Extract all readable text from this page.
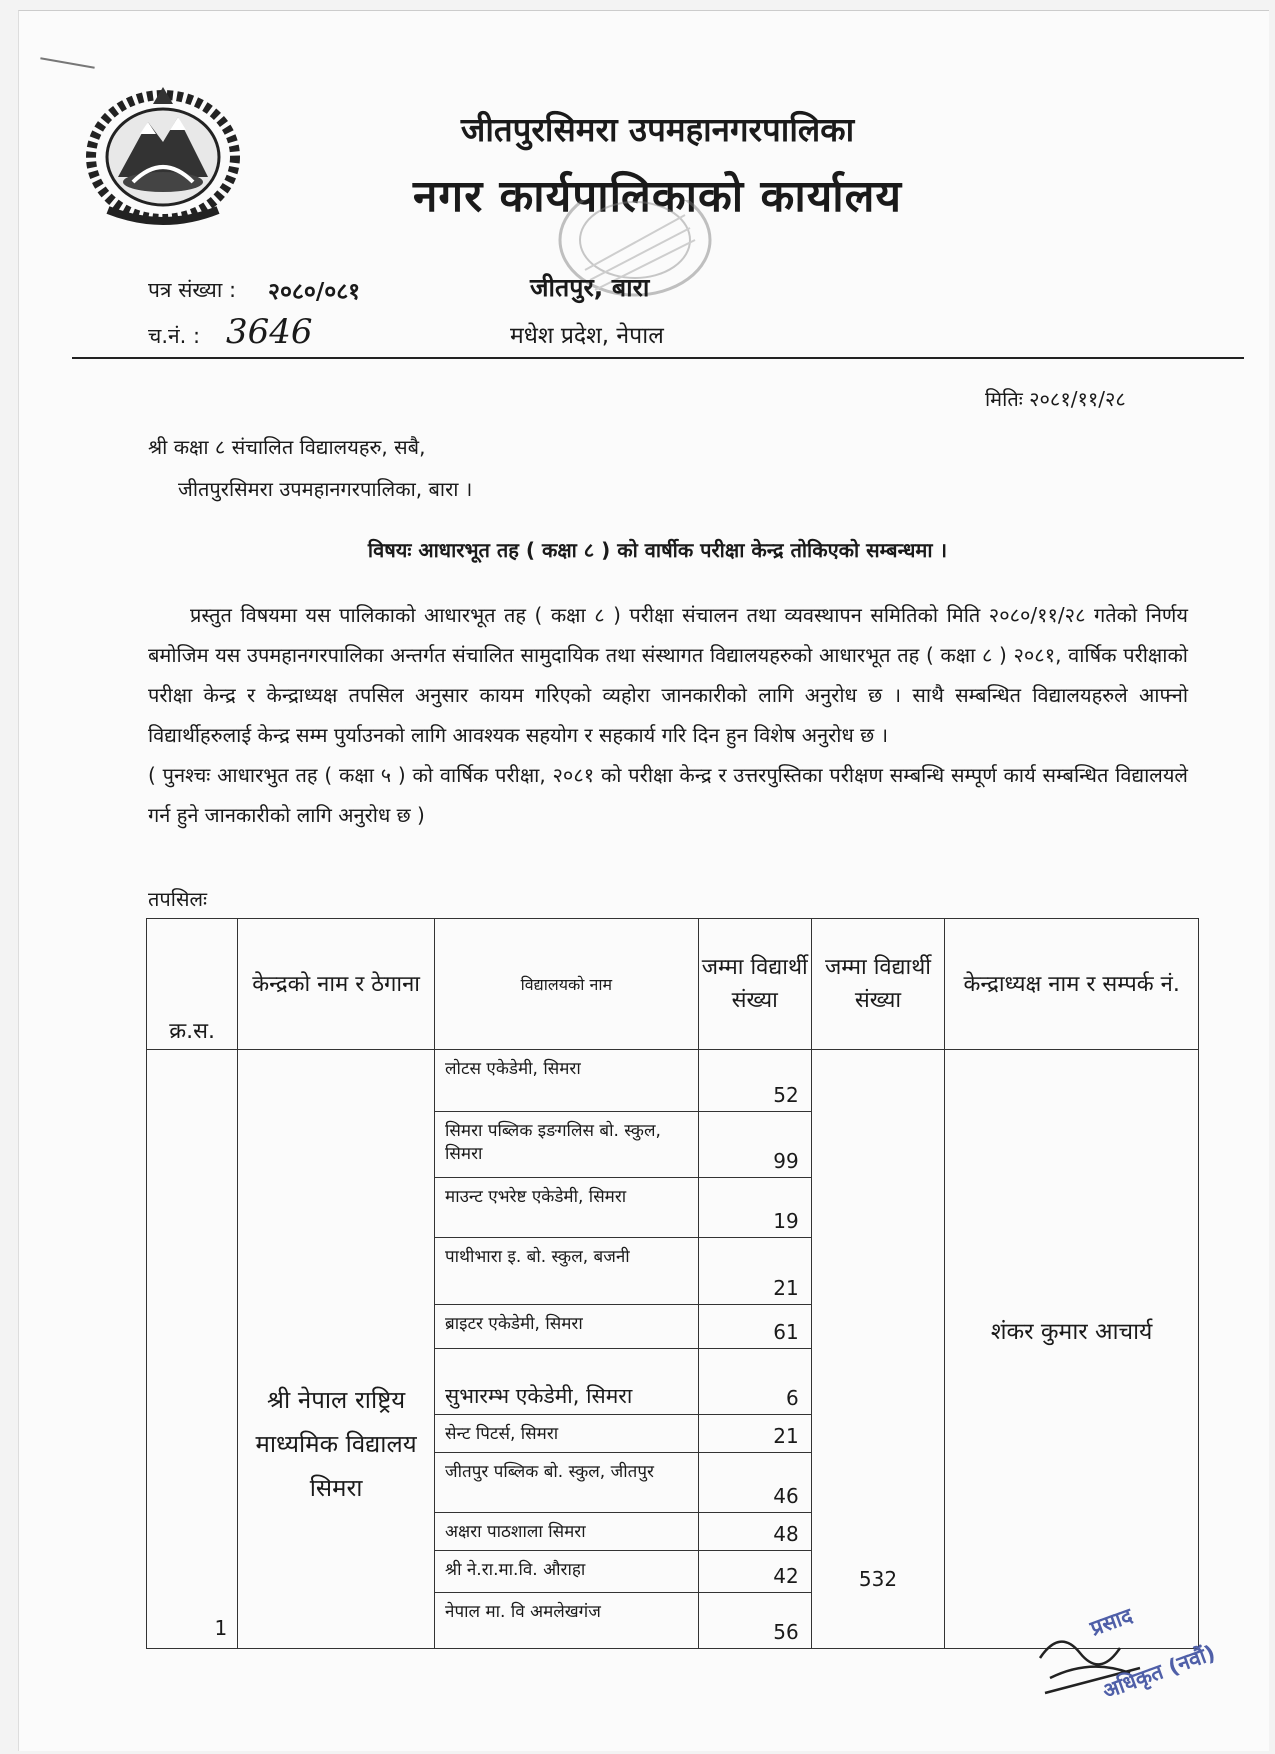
जीतपुरसिमरा उपमहानगरपालिका
नगर कार्यपालिकाको कार्यालय
पत्र संख्या : २०८०/०८१
च.नं. : 3646
जीतपुर, बारा
मधेश प्रदेश, नेपाल
मितिः २०८१/११/२८
श्री कक्षा ८ संचालित विद्यालयहरु, सबै,
जीतपुरसिमरा उपमहानगरपालिका, बारा ।
विषयः आधारभूत तह ( कक्षा ८ ) को वार्षीक परीक्षा केन्द्र तोकिएको सम्बन्धमा ।

प्रस्तुत विषयमा यस पालिकाको आधारभूत तह ( कक्षा ८ ) परीक्षा संचालन तथा व्यवस्थापन समितिको मिति २०८०/११/२८ गतेको निर्णय बमोजिम यस उपमहानगरपालिका अन्तर्गत संचालित सामुदायिक तथा संस्थागत विद्यालयहरुको आधारभूत तह ( कक्षा ८ ) २०८१, वार्षिक परीक्षाको परीक्षा केन्द्र र केन्द्राध्यक्ष तपसिल अनुसार कायम गरिएको व्यहोरा जानकारीको लागि अनुरोध छ । साथै सम्बन्धित विद्यालयहरुले आफ्नो विद्यार्थीहरुलाई केन्द्र सम्म पुर्याउनको लागि आवश्यक सहयोग र सहकार्य गरि दिन हुन विशेष अनुरोध छ ।

( पुनश्चः आधारभुत तह ( कक्षा ५ ) को वार्षिक परीक्षा, २०८१ को परीक्षा केन्द्र र उत्तरपुस्तिका परीक्षण सम्बन्धि सम्पूर्ण कार्य सम्बन्धित विद्यालयले गर्न हुने जानकारीको लागि अनुरोध छ )

तपसिलः
क्र.स.	केन्द्रको नाम र ठेगाना	विद्यालयको नाम	जम्मा विद्यार्थी संख्या	जम्मा विद्यार्थी संख्या	केन्द्राध्यक्ष नाम र सम्पर्क नं.
1	श्री नेपाल राष्ट्रिय माध्यमिक विद्यालय सिमरा	लोटस एकेडेमी, सिमरा	52	532	शंकर कुमार आचार्य
		सिमरा पब्लिक इङगलिस बो. स्कुल, सिमरा	99		
		माउन्ट एभरेष्ट एकेडेमी, सिमरा	19		
		पाथीभारा इ. बो. स्कुल, बजनी	21		
		ब्राइटर एकेडेमी, सिमरा	61		
		सुभारम्भ एकेडेमी, सिमरा	6		
		सेन्ट पिटर्स, सिमरा	21		
		जीतपुर पब्लिक बो. स्कुल, जीतपुर	46		
		अक्षरा पाठशाला सिमरा	48		
		श्री ने.रा.मा.वि. औराहा	42		
		नेपाल मा. वि अमलेखगंज	56			प्रसाद
अधिकृत (नवौं)
